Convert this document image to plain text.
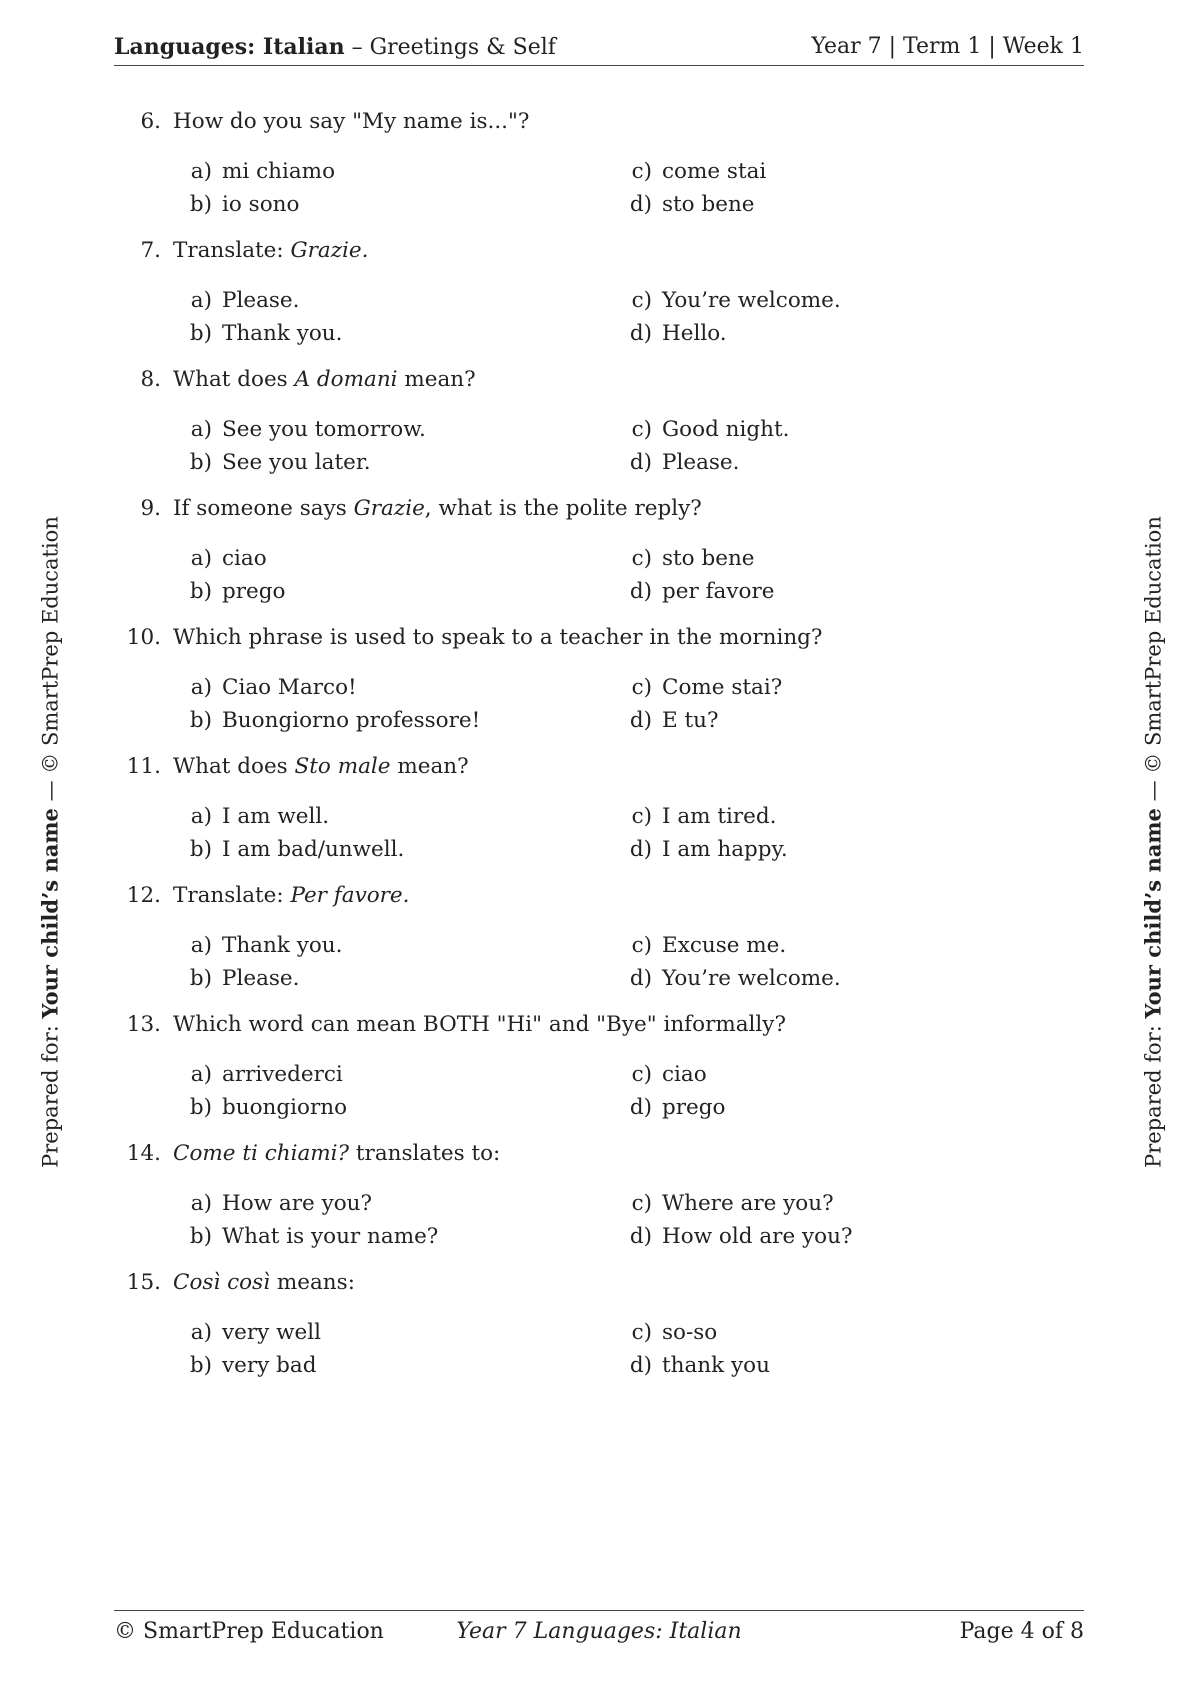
Languages: Italian – Greetings & Self	Year 7 | Term 1 | Week 1
Prepared for: Your child’s name — © SmartPrep Education
Prepared for: Your child’s name — © SmartPrep Education
6. How do you say "My name is..."?
a) mi chiamo
b) io sono
c) come stai
d) sto bene
7. Translate: Grazie.
a) Please.
b) Thank you.
c) You’re welcome.
d) Hello.
8. What does A domani mean?
a) See you tomorrow.
b) See you later.
c) Good night.
d) Please.
9. If someone says Grazie, what is the polite reply?
a) ciao
b) prego
c) sto bene
d) per favore
10. Which phrase is used to speak to a teacher in the morning?
a) Ciao Marco!
b) Buongiorno professore!
c) Come stai?
d) E tu?
11. What does Sto male mean?
a) I am well.
b) I am bad/unwell.
c) I am tired.
d) I am happy.
12. Translate: Per favore.
a) Thank you.
b) Please.
c) Excuse me.
d) You’re welcome.
13. Which word can mean BOTH "Hi" and "Bye" informally?
a) arrivederci
b) buongiorno
c) ciao
d) prego
14. Come ti chiami? translates to:
a) How are you?
b) What is your name?
c) Where are you?
d) How old are you?
15. Così così means:
a) very well
b) very bad
c) so-so
d) thank you
© SmartPrep Education	Year 7 Languages: Italian	Page 4 of 8
